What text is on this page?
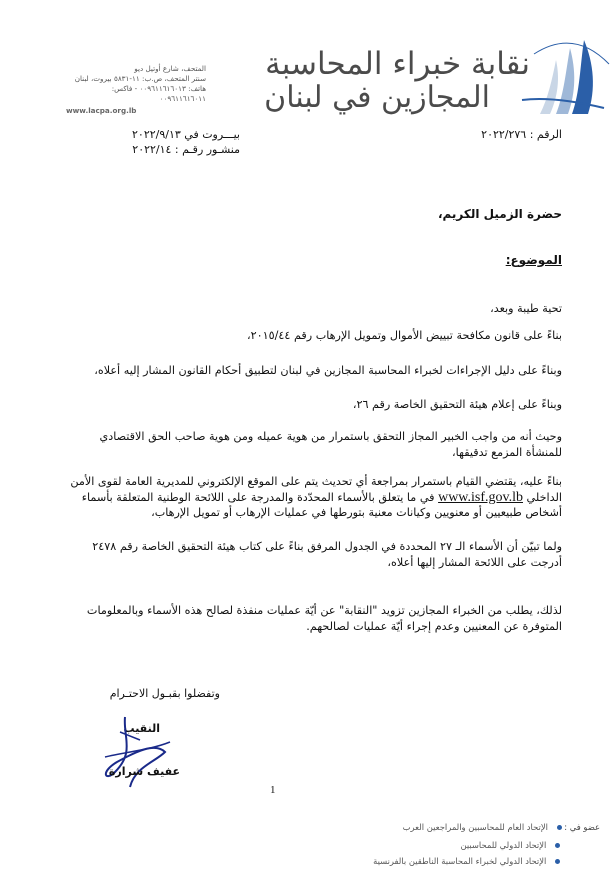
نقابة خبراء المحاسبة
المجازين في لبنان
المتحف، شارع أوتيل ديو
سنتر المتحف، ص.ب: ١١-٥٨٣١ بيروت، لبنان
هاتف: ٠٠٩٦١١٦١٦٠١٣ - فاكس: ٠٠٩٦١١٦١٦٠١١
www.lacpa.org.lb
بيـــروت في ٢٠٢٢/٩/١٣
منشـور رقـم : ٢٠٢٢/١٤
الرقم : ٢٠٢٢/٢٧٦
حضرة الزميل الكريم،
الموضوع:
تحية طيبة وبعد،
بناءً على قانون مكافحة تبييض الأموال وتمويل الإرهاب رقم ٢٠١٥/٤٤،
وبناءً على دليل الإجراءات لخبراء المحاسبة المجازين في لبنان لتطبيق أحكام القانون المشار إليه أعلاه،
وبناءً على إعلام هيئة التحقيق الخاصة رقم ٢٦،
وحيث أنه من واجب الخبير المجاز التحقق باستمرار من هوية عميله ومن هوية صاحب الحق الاقتصادي
للمنشأة المزمع تدقيقها،
بناءً عليه، يقتضي القيام باستمرار بمراجعة أي تحديث يتم على الموقع الإلكتروني للمديرية العامة لقوى الأمن
الداخلي www.isf.gov.lb في ما يتعلق بالأسماء المحدّدة والمدرجة على اللائحة الوطنية المتعلقة بأسماء
أشخاص طبيعيين أو معنويين وكيانات معنية بتورطها في عمليات الإرهاب أو تمويل الإرهاب،
ولما تبيّن أن الأسماء الـ ٢٧ المحددة في الجدول المرفق بناءً على كتاب هيئة التحقيق الخاصة رقم ٢٤٧٨
أدرجت على اللائحة المشار إليها أعلاه،
لذلك، يطلب من الخبراء المجازين تزويد "النقابة" عن أيّة عمليات منفذة لصالح هذه الأسماء وبالمعلومات
المتوفرة عن المعنيين وعدم إجراء أيّة عمليات لصالحهم.
وتفضلوا بقبـول الاحتـرام
النقيب
عفيف شرارة
1
عضو في :  الإتحاد العام للمحاسبين والمراجعين العرب
الإتحاد الدولي للمحاسبين
الإتحاد الدولي لخبراء المحاسبة الناطقين بالفرنسية
